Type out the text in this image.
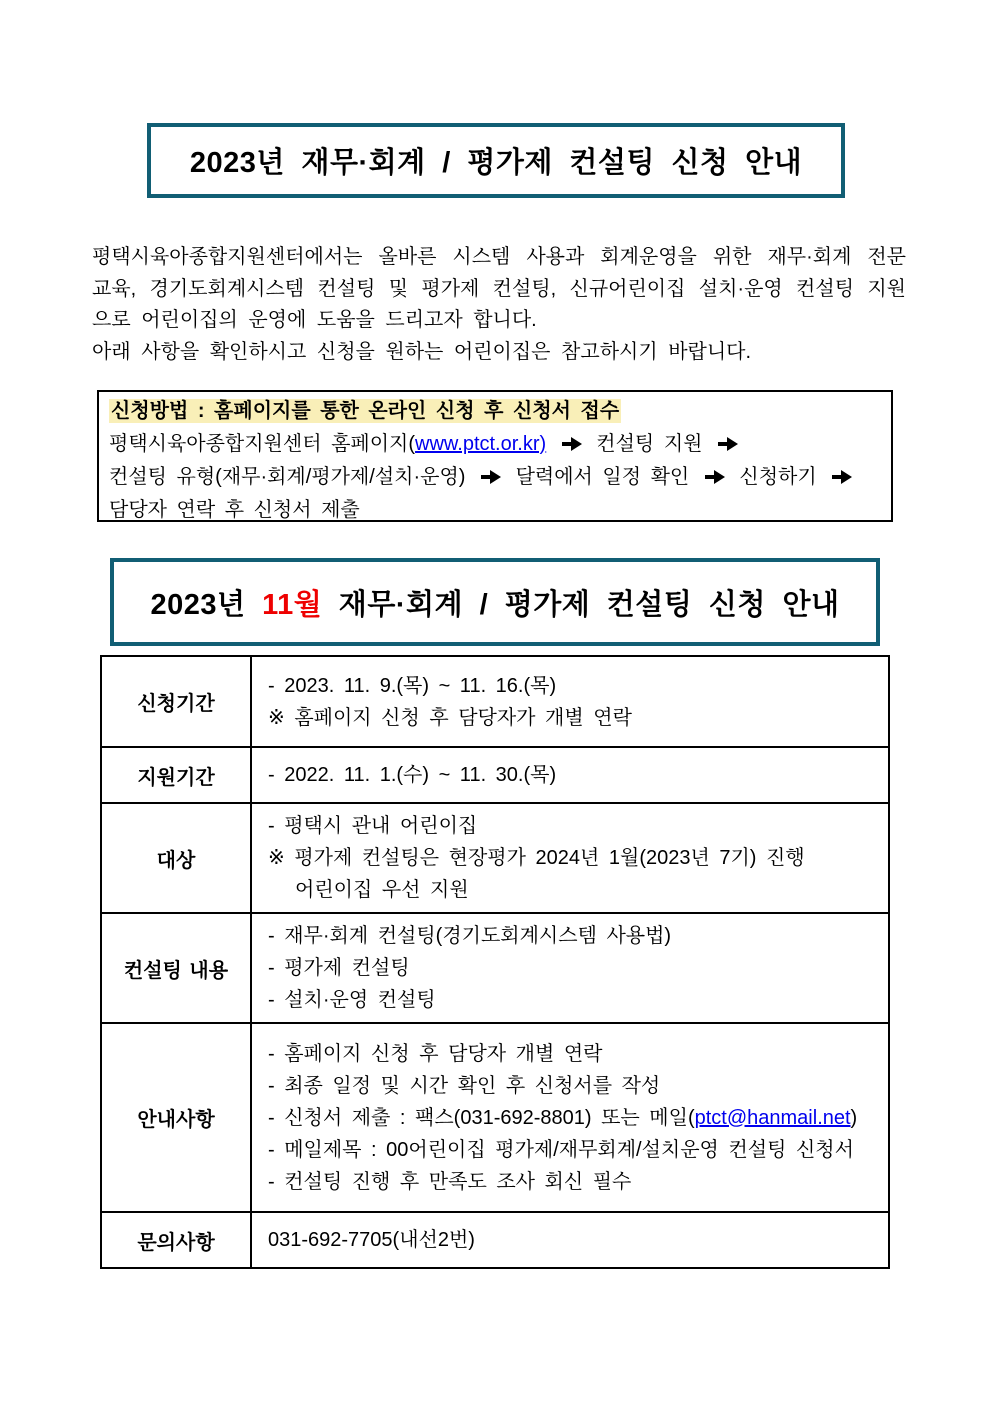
2023년 재무·회계 / 평가제 컨설팅 신청 안내
평택시육아종합지원센터에서는 올바른 시스템 사용과 회계운영을 위한 재무·회계 전문
교육, 경기도회계시스템 컨설팅 및 평가제 컨설팅, 신규어린이집 설치·운영 컨설팅 지원
으로 어린이집의 운영에 도움을 드리고자 합니다.
아래 사항을 확인하시고 신청을 원하는 어린이집은 참고하시기 바랍니다.
신청방법 : 홈페이지를 통한 온라인 신청 후 신청서 접수
평택시육아종합지원센터 홈페이지(www.ptct.or.kr)	컨설팅 지원
컨설팅 유형(재무·회계/평가제/설치·운영)	달력에서 일정 확인	신청하기
담당자 연락 후 신청서 제출
2023년 11월 재무·회계 / 평가제 컨설팅 신청 안내
신청기간	- 2023. 11. 9.(목) ~ 11. 16.(목)
※ 홈페이지 신청 후 담당자가 개별 연락

지원기간	- 2022. 11. 1.(수) ~ 11. 30.(목)

대상	- 평택시 관내 어린이집
※ 평가제 컨설팅은 현장평가 2024년 1월(2023년 7기) 진행
어린이집 우선 지원

컨설팅 내용	- 재무·회계 컨설팅(경기도회계시스템 사용법)
- 평가제 컨설팅
- 설치·운영 컨설팅

안내사항	- 홈페이지 신청 후 담당자 개별 연락
- 최종 일정 및 시간 확인 후 신청서를 작성
- 신청서 제출 : 팩스(031-692-8801) 또는 메일(ptct@hanmail.net)
- 메일제목 : 00어린이집 평가제/재무회계/설치운영 컨설팅 신청서
- 컨설팅 진행 후 만족도 조사 회신 필수

문의사항	031-692-7705(내선2번)
